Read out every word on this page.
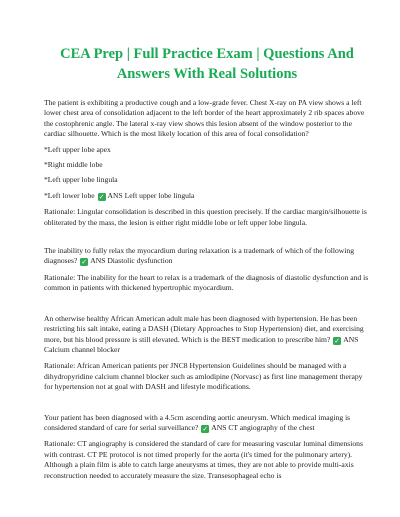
CEA Prep | Full Practice Exam | Questions And Answers With Real Solutions

The patient is exhibiting a productive cough and a low-grade fever. Chest X-ray on PA view shows a left lower chest area of consolidation adjacent to the left border of the heart approximately 2 rib spaces above the costophrenic angle. The lateral x-ray view shows this lesion absent of the window posterior to the cardiac silhouette. Which is the most likely location of this area of focal consolidation?

*Left upper lobe apex

*Right middle lobe

*Left upper lobe lingula

*Left lower lobe ✓ ANS Left upper lobe lingula

Rationale: Lingular consolidation is described in this question precisely. If the cardiac margin/silhouette is obliterated by the mass, the lesion is either right middle lobe or left upper lobe lingula.

The inability to fully relax the myocardium during relaxation is a trademark of which of the following diagnoses? ✓ ANS Diastolic dysfunction

Rationale: The inability for the heart to relax is a trademark of the diagnosis of diastolic dysfunction and is common in patients with thickened hypertrophic myocardium.

An otherwise healthy African American adult male has been diagnosed with hypertension. He has been restricting his salt intake, eating a DASH (Dietary Approaches to Stop Hypertension) diet, and exercising more, but his blood pressure is still elevated. Which is the BEST medication to prescribe him? ✓ ANS Calcium channel blocker

Rationale: African American patients per JNC8 Hypertension Guidelines should be managed with a dihydropyridine calcium channel blocker such as amlodipine (Norvasc) as first line management therapy for hypertension not at goal with DASH and lifestyle modifications.

Your patient has been diagnosed with a 4.5cm ascending aortic aneurysm. Which medical imaging is considered standard of care for serial surveillance? ✓ ANS CT angiography of the chest

Rationale: CT angiography is considered the standard of care for measuring vascular luminal dimensions with contrast. CT PE protocol is not timed properly for the aorta (it's timed for the pulmonary artery). Although a plain film is able to catch large aneurysms at times, they are not able to provide multi-axis reconstruction needed to accurately measure the size. Transesophageal echo is
